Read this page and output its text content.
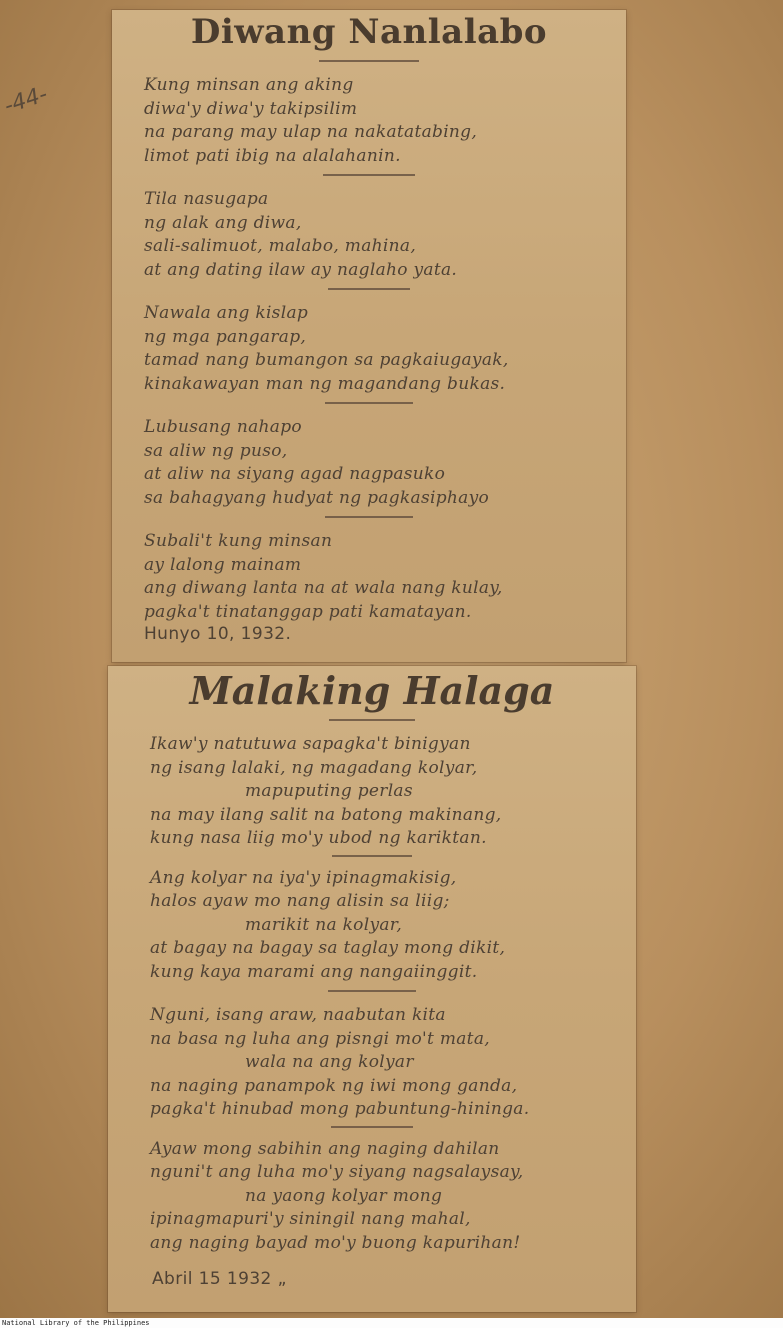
-44-
Diwang Nanlalabo
Kung minsan ang aking
diwa'y diwa'y takipsilim
na parang may ulap na nakatatabing,
limot pati ibig na alalahanin.
Tila nasugapa
ng alak ang diwa,
sali-salimuot, malabo, mahina,
at ang dating ilaw ay naglaho yata.
Nawala ang kislap
ng mga pangarap,
tamad nang bumangon sa pagkaiugayak,
kinakawayan man ng magandang bukas.
Lubusang nahapo
sa aliw ng puso,
at aliw na siyang agad nagpasuko
sa bahagyang hudyat ng pagkasiphayo
Subali't kung minsan
ay lalong mainam
ang diwang lanta na at wala nang kulay,
pagka't tinatanggap pati kamatayan.
Hunyo 10, 1932.
Malaking Halaga
Ikaw'y natutuwa sapagka't binigyan
ng isang lalaki, ng magadang kolyar,
mapuputing perlas
na may ilang salit na batong makinang,
kung nasa liig mo'y ubod ng kariktan.
Ang kolyar na iya'y ipinagmakisig,
halos ayaw mo nang alisin sa liig;
marikit na kolyar,
at bagay na bagay sa taglay mong dikit,
kung kaya marami ang nangaiinggit.
Nguni, isang araw, naabutan kita
na basa ng luha ang pisngi mo't mata,
wala na ang kolyar
na naging panampok ng iwi mong ganda,
pagka't hinubad mong pabuntung-hininga.
Ayaw mong sabihin ang naging dahilan
nguni't ang luha mo'y siyang nagsalaysay,
na yaong kolyar mong
ipinagmapuri'y siningil nang mahal,
ang naging bayad mo'y buong kapurihan!
Abril 15 1932 „
National Library of the Philippines
